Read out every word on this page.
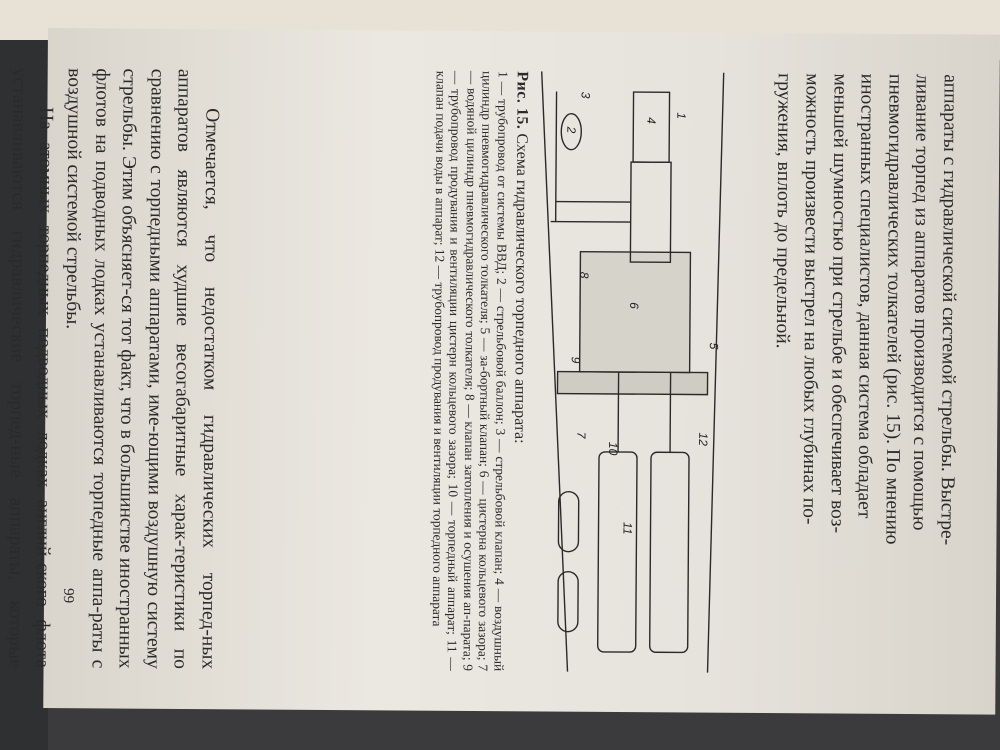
аппараты с гидравлической системой стрельбы. Выстре-

ливание торпед из аппаратов производится с помощью

пневмогидравлических толкателей (рис. 15). По мнению

иностранных специалистов, данная система обладает

меньшей шумностью при стрельбе и обеспечивает воз-

можность произвести выстрел на любых глубинах по-

гружения, вплоть до предельной.

1
2
3
4
5
6
7
8
9
10
11
12
Рис. 15. Схема гидравлического торпедного аппарата:
1 — трубопровод от системы ВВД; 2 — стрельбовой баллон; 3 — стрельбовой клапан; 4 — воздушный цилиндр пневмогидравлического толкателя; 5 — за-бортный клапан; 6 — цистерна кольцевого зазора; 7 — водяной цилиндр пневмогидравлического толкателя; 8 — клапан затопления и осушения ап-парата; 9 — трубопровод продувания и вентиляции цистерн кольцевого зазора; 10 — торпедный аппарат; 11 — клапан подачи воды в аппарат; 12 — трубопровод продувания и вентиляции торпедного аппарата

Отмечается, что недостатком гидравлических торпед-ных аппаратов являются худшие весогабаритные харак-теристики по сравнению с торпедными аппаратами, име-ющими воздушную систему стрельбы. Этим объясняет-ся тот факт, что в большинстве иностранных флотов на подводных лодках устанавливаются торпедные аппа-раты с воздушной системой стрельбы.

На атомных торпедных подводных лодках англий-ского флота устанавливаются гидравлические торпед-ные аппараты, которые

99
